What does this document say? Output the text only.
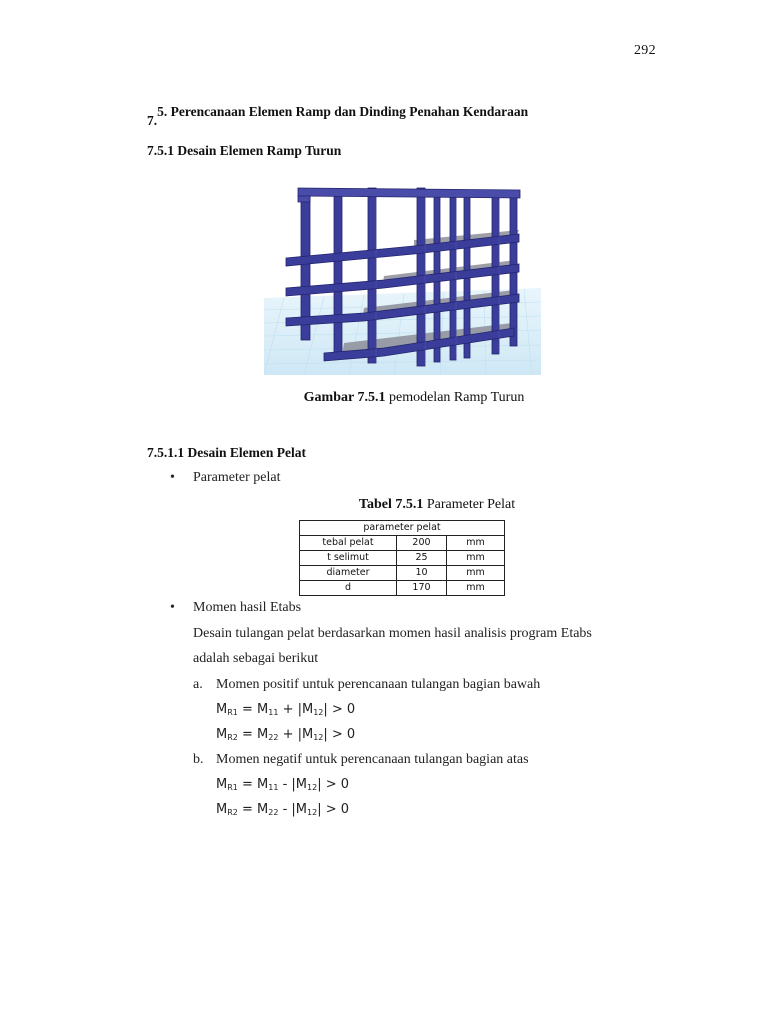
292
7.5. Perencanaan Elemen Ramp dan Dinding Penahan Kendaraan
7.5.1 Desain Elemen Ramp Turun
Gambar 7.5.1 pemodelan Ramp Turun
7.5.1.1 Desain Elemen Pelat
• Parameter pelat
Tabel 7.5.1 Parameter Pelat
parameter pelat		
tebal pelat	200	mm
t selimut	25	mm
diameter	10	mm
d	170	mm
• Momen hasil Etabs
Desain tulangan pelat berdasarkan momen hasil analisis program Etabs
adalah sebagai berikut
a. Momen positif untuk perencanaan tulangan bagian bawah
$M_{R1} = M_{11} + |M_{12}| > 0$
$M_{R2} = M_{22} + |M_{12}| > 0$
b. Momen negatif untuk perencanaan tulangan bagian atas
$M_{R1} = M_{11} - |M_{12}| > 0$
$M_{R2} = M_{22} - |M_{12}| > 0$
